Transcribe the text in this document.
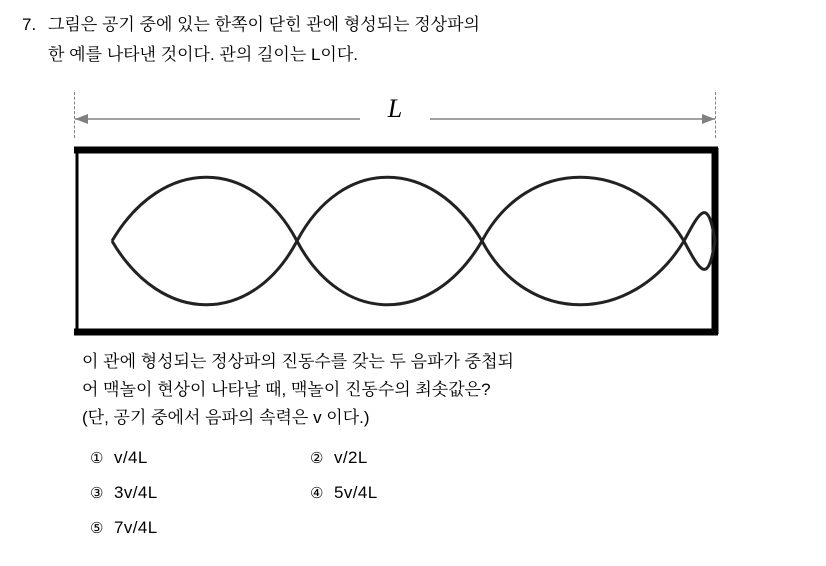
7. 그림은 공기 중에 있는 한쪽이 닫힌 관에 형성되는 정상파의
한 예를 나타낸 것이다. 관의 길이는 L이다.
L
이 관에 형성되는 정상파의 진동수를 갖는 두 음파가 중첩되
어 맥놀이 현상이 나타날 때, 맥놀이 진동수의 최솟값은?
(단, 공기 중에서 음파의 속력은 v 이다.)
① v/4L	② v/2L
③ 3v/4L	④ 5v/4L
⑤ 7v/4L
